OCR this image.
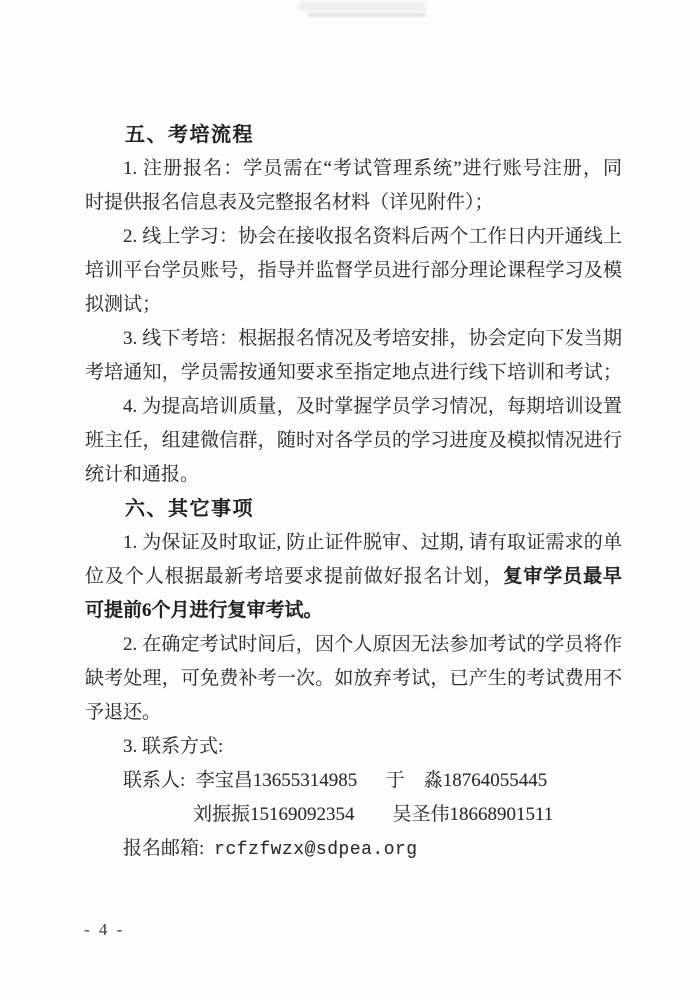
五、考培流程
1. 注册报名：学员需在“考试管理系统”进行账号注册，同
时提供报名信息表及完整报名材料（详见附件）；
2. 线上学习：协会在接收报名资料后两个工作日内开通线上
培训平台学员账号，指导并监督学员进行部分理论课程学习及模
拟测试；
3. 线下考培：根据报名情况及考培安排，协会定向下发当期
考培通知，学员需按通知要求至指定地点进行线下培训和考试；
4. 为提高培训质量，及时掌握学员学习情况，每期培训设置
班主任，组建微信群，随时对各学员的学习进度及模拟情况进行
统计和通报。
六、其它事项
1. 为保证及时取证, 防止证件脱审、过期, 请有取证需求的单
位及个人根据最新考培要求提前做好报名计划，复审学员最早
可提前6个月进行复审考试。
2. 在确定考试时间后，因个人原因无法参加考试的学员将作
缺考处理，可免费补考一次。如放弃考试，已产生的考试费用不
予退还。
3. 联系方式:
联系人: 李宝昌13655314985 于　淼18764055445
刘振振15169092354 吴圣伟18668901511
报名邮箱: rcfzfwzx@sdpea.org
- 4 -
